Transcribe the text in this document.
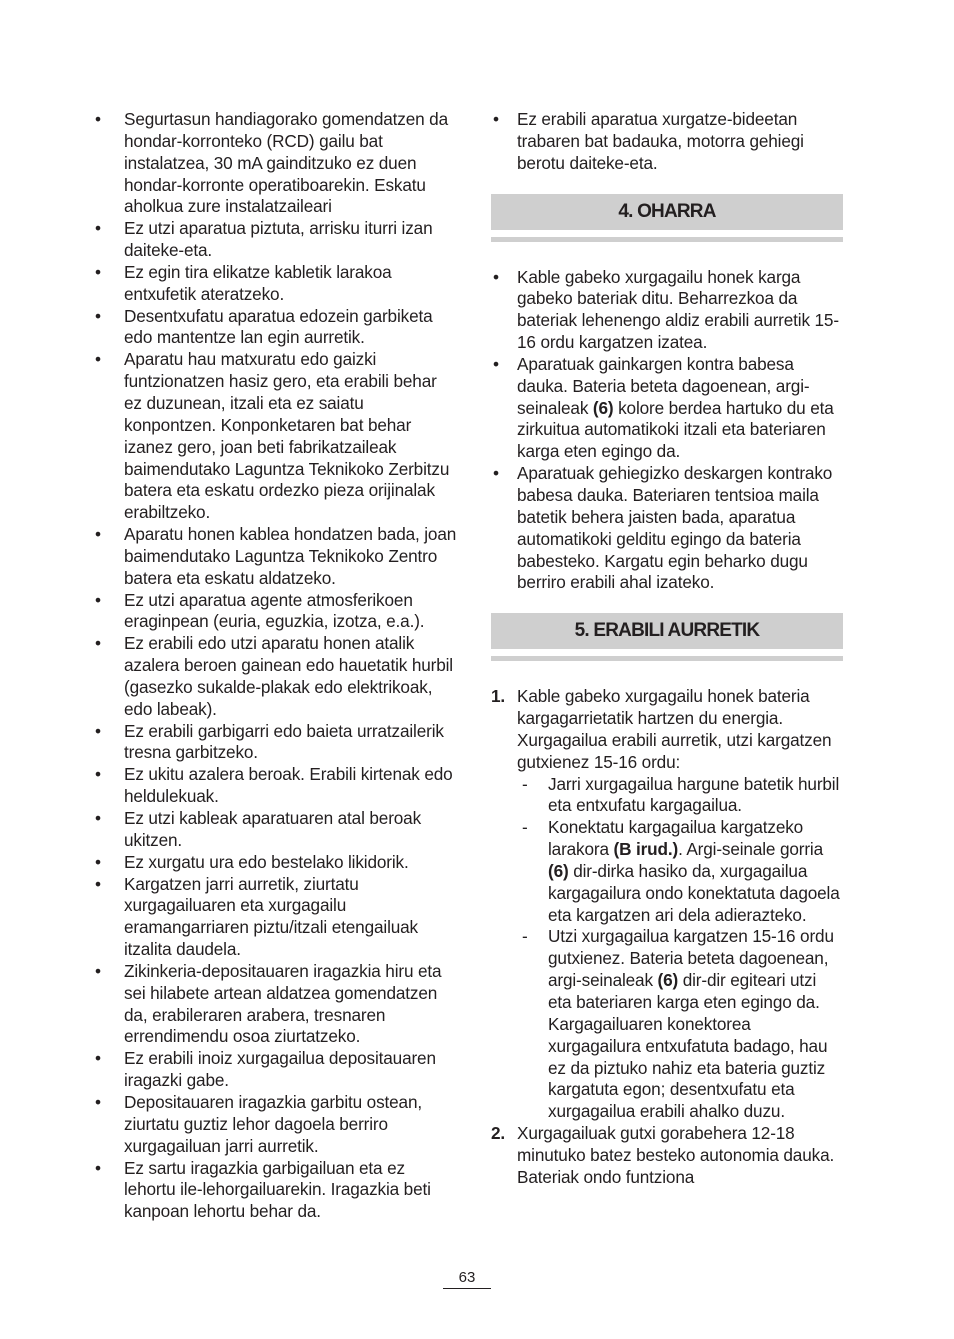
• Segurtasun handiagorako gomendatzen da hondar-korronteko (RCD) gailu bat instalatzea, 30 mA gainditzuko ez duen hondar-korronte operatiboarekin. Eskatu aholkua zure instalatzaileari
• Ez utzi aparatua piztuta, arrisku iturri izan daiteke-eta.
• Ez egin tira elikatze kabletik larakoa entxufetik ateratzeko.
• Desentxufatu aparatua edozein garbiketa edo mantentze lan egin aurretik.
• Aparatu hau matxuratu edo gaizki funtzionatzen hasiz gero, eta erabili behar ez duzunean, itzali eta ez saiatu konpontzen. Konponketaren bat behar izanez gero, joan beti fabrikatzaileak baimendutako Laguntza Teknikoko Zerbitzu batera eta eskatu ordezko pieza orijinalak erabiltzeko.
• Aparatu honen kablea hondatzen bada, joan baimendutako Laguntza Teknikoko Zentro batera eta eskatu aldatzeko.
• Ez utzi aparatua agente atmosferikoen eraginpean (euria, eguzkia, izotza, e.a.).
• Ez erabili edo utzi aparatu honen atalik azalera beroen gainean edo hauetatik hurbil (gasezko sukalde-plakak edo elektrikoak, edo labeak).
• Ez erabili garbigarri edo baieta urratzailerik tresna garbitzeko.
• Ez ukitu azalera beroak. Erabili kirtenak edo heldulekuak.
• Ez utzi kableak aparatuaren atal beroak ukitzen.
• Ez xurgatu ura edo bestelako likidorik.
• Kargatzen jarri aurretik, ziurtatu xurgagailuaren eta xurgagailu eramangarriaren piztu/itzali etengailuak itzalita daudela.
• Zikinkeria-depositauaren iragazkia hiru eta sei hilabete artean aldatzea gomendatzen da, erabileraren arabera, tresnaren errendimendu osoa ziurtatzeko.
• Ez erabili inoiz xurgagailua depositauaren iragazki gabe.
• Depositauaren iragazkia garbitu ostean, ziurtatu guztiz lehor dagoela berriro xurgagailuan jarri aurretik.
• Ez sartu iragazkia garbigailuan eta ez lehortu ile-lehorgailuarekin. Iragazkia beti kanpoan lehortu behar da.
• Ez erabili aparatua xurgatze-bideetan trabaren bat badauka, motorra gehiegi berotu daiteke-eta.
4. OHARRA
• Kable gabeko xurgagailu honek karga gabeko bateriak ditu. Beharrezkoa da bateriak lehenengo aldiz erabili aurretik 15-16 ordu kargatzen izatea.
• Aparatuak gainkargen kontra babesa dauka. Bateria beteta dagoenean, argi-seinaleak (6) kolore berdea hartuko du eta zirkuitua automatikoki itzali eta bateriaren karga eten egingo da.
• Aparatuak gehiegizko deskargen kontrako babesa dauka. Bateriaren tentsioa maila batetik behera jaisten bada, aparatua automatikoki gelditu egingo da bateria babesteko. Kargatu egin beharko dugu berriro erabili ahal izateko.
5. ERABILI AURRETIK
1. Kable gabeko xurgagailu honek bateria kargagarrietatik hartzen du energia. Xurgagailua erabili aurretik, utzi kargatzen gutxienez 15-16 ordu:
- Jarri xurgagailua hargune batetik hurbil eta entxufatu kargagailua.
- Konektatu kargagailua kargatzeko larakora (B irud.). Argi-seinale gorria (6) dir-dirka hasiko da, xurgagailua kargagailura ondo konektatuta dagoela eta kargatzen ari dela adierazteko.
- Utzi xurgagailua kargatzen 15-16 ordu gutxienez. Bateria beteta dagoenean, argi-seinaleak (6) dir-dir egiteari utzi eta bateriaren karga eten egingo da. Kargagailuaren konektorea xurgagailura entxufatuta badago, hau ez da piztuko nahiz eta bateria guztiz kargatuta egon; desentxufatu eta xurgagailua erabili ahalko duzu.
2. Xurgagailuak gutxi gorabehera 12-18 minutuko batez besteko autonomia dauka. Bateriak ondo funtziona
63
